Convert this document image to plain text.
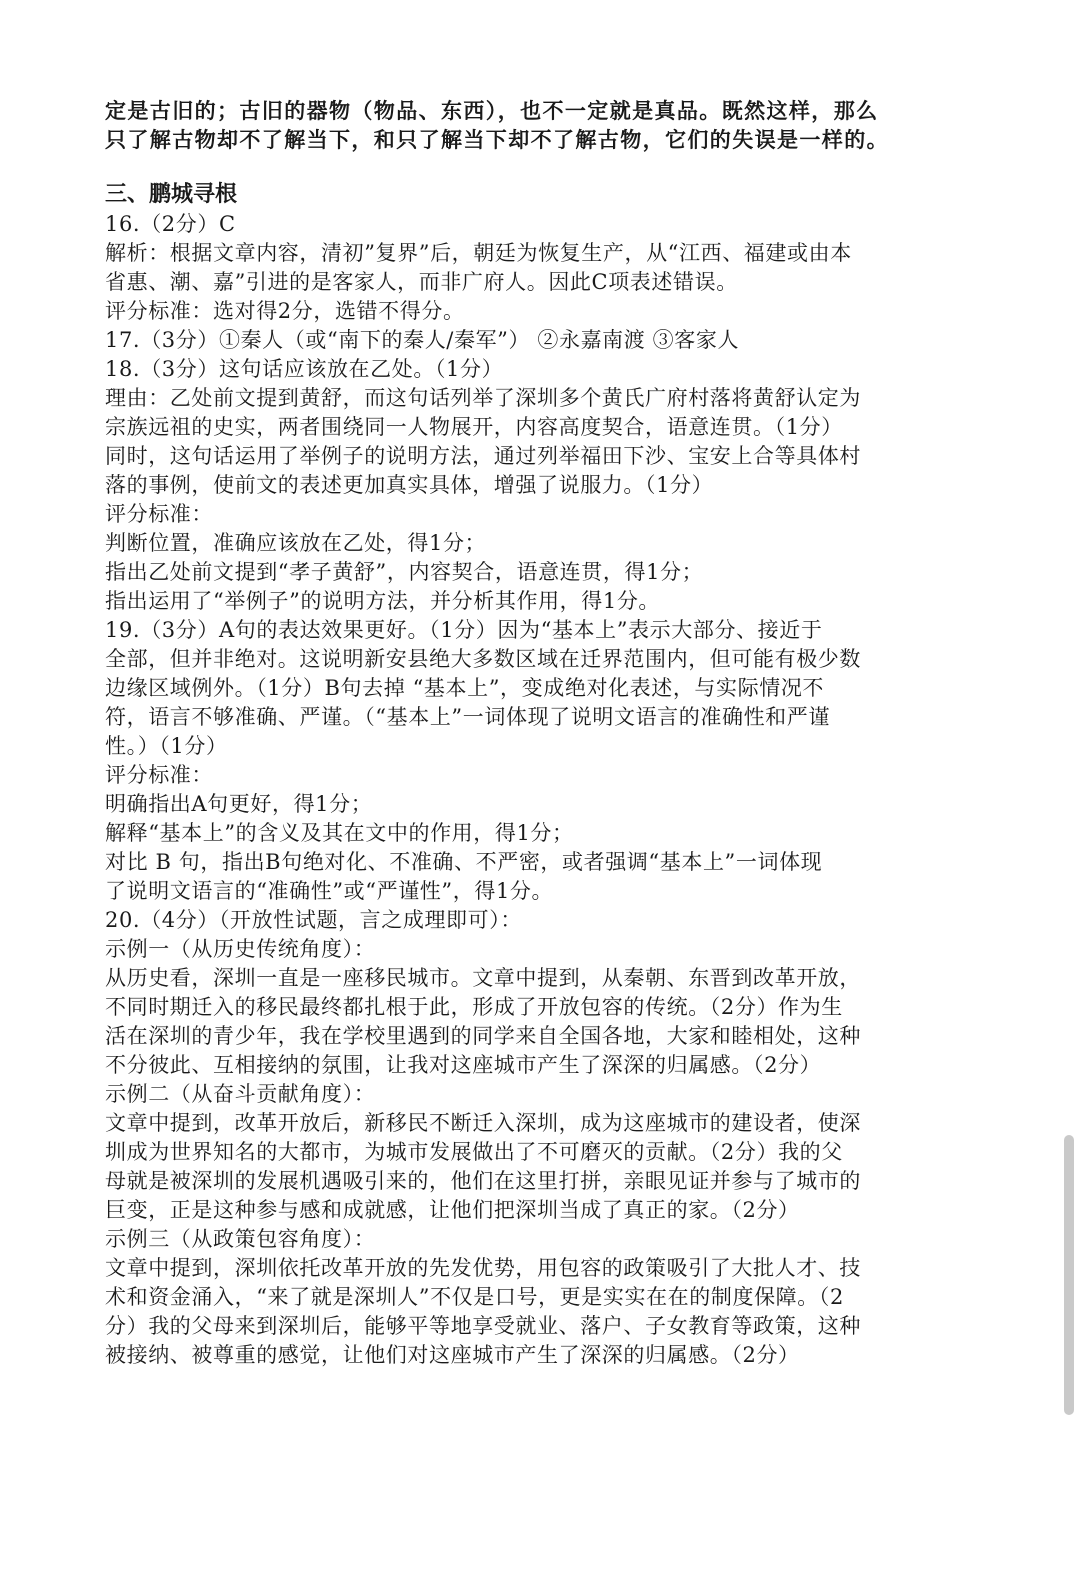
定是古旧的；古旧的器物（物品、东西），也不一定就是真品。既然这样，那么
只了解古物却不了解当下，和只了解当下却不了解古物，它们的失误是一样的。
三、鹏城寻根
16.（2分）C
解析：根据文章内容，清初”复界”后，朝廷为恢复生产，从“江西、福建或由本
省惠、潮、嘉”引进的是客家人，而非广府人。因此C项表述错误。
评分标准：选对得2分，选错不得分。
17.（3分）①秦人（或“南下的秦人/秦军”） ②永嘉南渡 ③客家人
18.（3分）这句话应该放在乙处。（1分）
理由：乙处前文提到黄舒，而这句话列举了深圳多个黄氏广府村落将黄舒认定为
宗族远祖的史实，两者围绕同一人物展开，内容高度契合，语意连贯。（1分）
同时，这句话运用了举例子的说明方法，通过列举福田下沙、宝安上合等具体村
落的事例，使前文的表述更加真实具体，增强了说服力。（1分）
评分标准：
判断位置，准确应该放在乙处，得1分；
指出乙处前文提到“孝子黄舒”，内容契合，语意连贯，得1分；
指出运用了“举例子”的说明方法，并分析其作用，得1分。
19.（3分）A句的表达效果更好。（1分）因为“基本上”表示大部分、接近于
全部，但并非绝对。这说明新安县绝大多数区域在迁界范围内，但可能有极少数
边缘区域例外。（1分）B句去掉 “基本上”，变成绝对化表述，与实际情况不
符，语言不够准确、严谨。（“基本上”一词体现了说明文语言的准确性和严谨
性。）（1分）
评分标准：
明确指出A句更好，得1分；
解释“基本上”的含义及其在文中的作用，得1分；
对比 B 句，指出B句绝对化、不准确、不严密，或者强调“基本上”一词体现
了说明文语言的“准确性”或“严谨性”，得1分。
20.（4分）（开放性试题，言之成理即可）：
示例一（从历史传统角度）：
从历史看，深圳一直是一座移民城市。文章中提到，从秦朝、东晋到改革开放，
不同时期迁入的移民最终都扎根于此，形成了开放包容的传统。（2分）作为生
活在深圳的青少年，我在学校里遇到的同学来自全国各地，大家和睦相处，这种
不分彼此、互相接纳的氛围，让我对这座城市产生了深深的归属感。（2分）
示例二（从奋斗贡献角度）：
文章中提到，改革开放后，新移民不断迁入深圳，成为这座城市的建设者，使深
圳成为世界知名的大都市，为城市发展做出了不可磨灭的贡献。（2分）我的父
母就是被深圳的发展机遇吸引来的，他们在这里打拼，亲眼见证并参与了城市的
巨变，正是这种参与感和成就感，让他们把深圳当成了真正的家。（2分）
示例三（从政策包容角度）：
文章中提到，深圳依托改革开放的先发优势，用包容的政策吸引了大批人才、技
术和资金涌入，“来了就是深圳人”不仅是口号，更是实实在在的制度保障。（2
分）我的父母来到深圳后，能够平等地享受就业、落户、子女教育等政策，这种
被接纳、被尊重的感觉，让他们对这座城市产生了深深的归属感。（2分）
